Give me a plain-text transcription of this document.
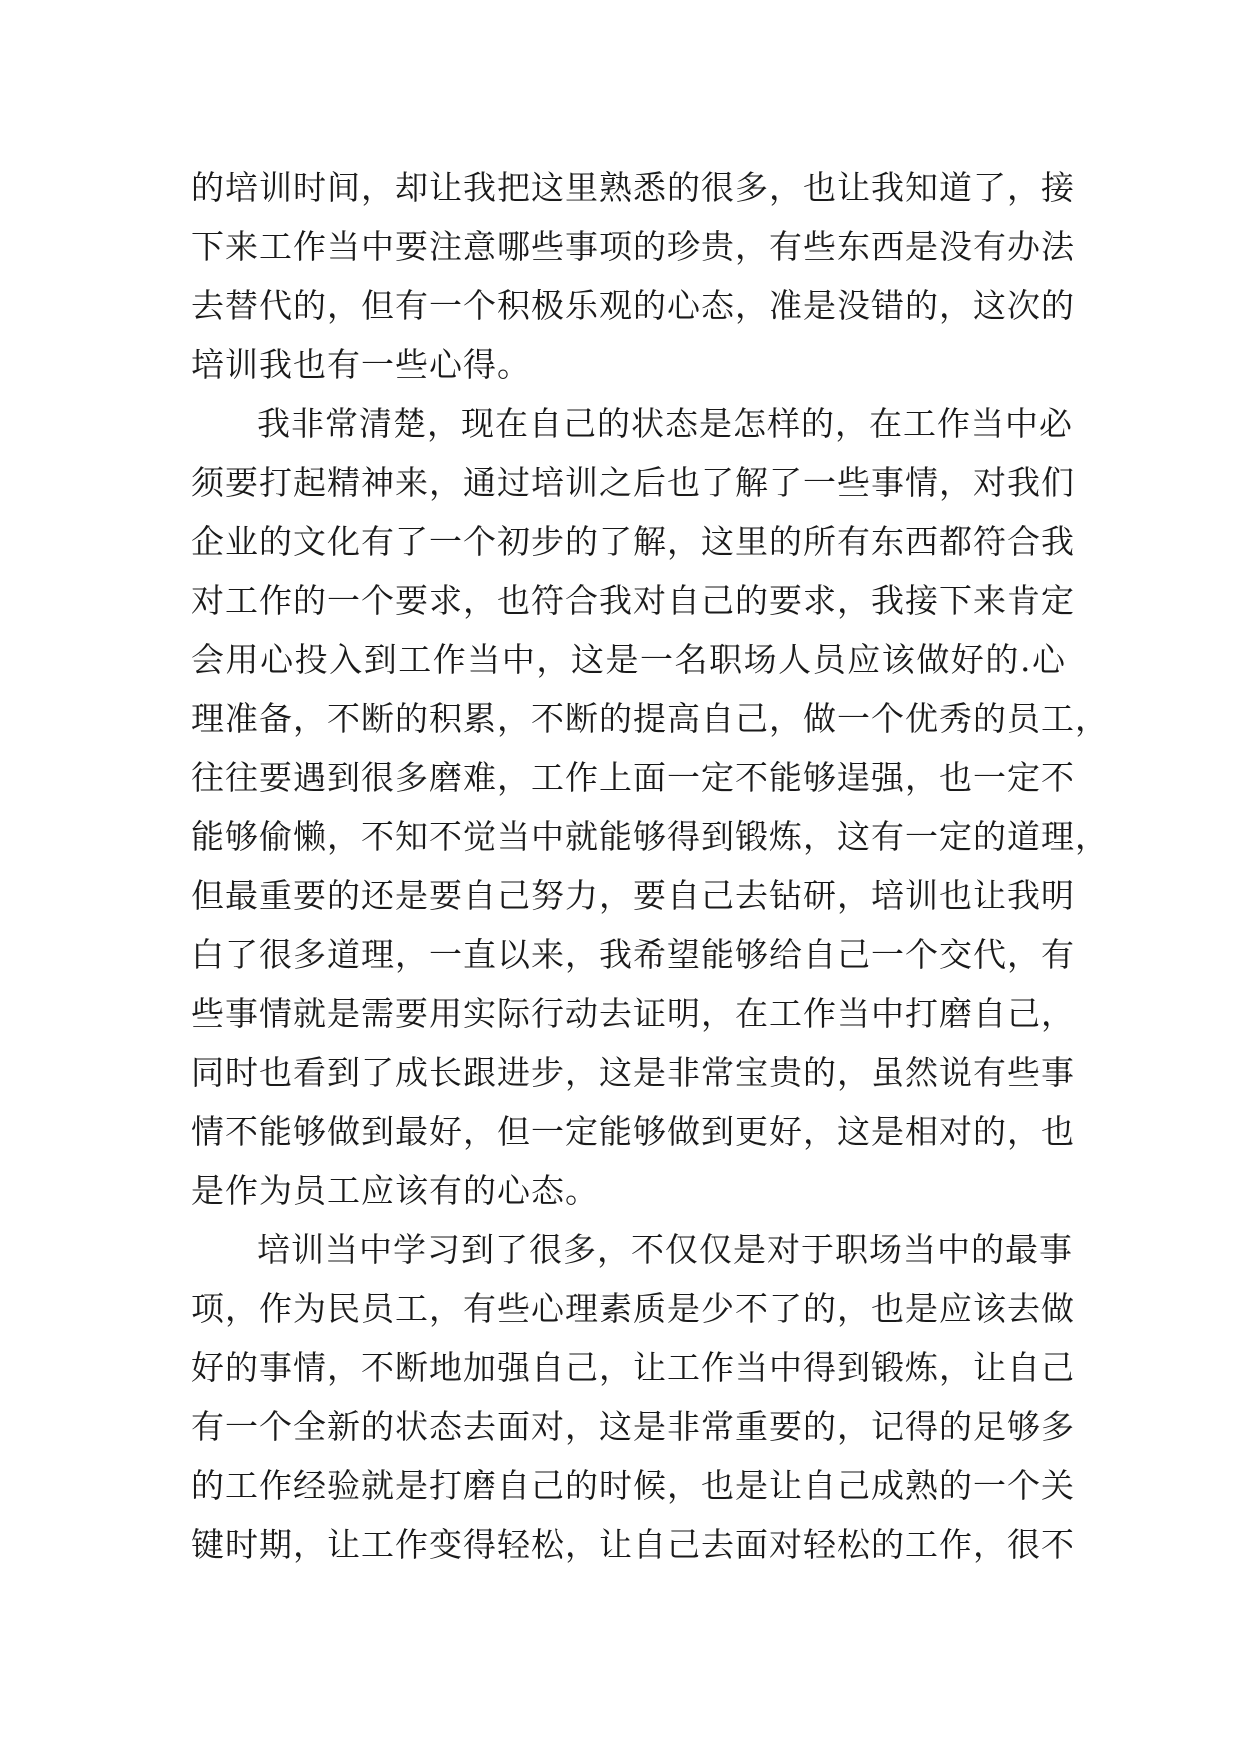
的培训时间，却让我把这里熟悉的很多，也让我知道了，接
下来工作当中要注意哪些事项的珍贵，有些东西是没有办法
去替代的，但有一个积极乐观的心态，准是没错的，这次的
培训我也有一些心得。
我非常清楚，现在自己的状态是怎样的，在工作当中必
须要打起精神来，通过培训之后也了解了一些事情，对我们
企业的文化有了一个初步的了解，这里的所有东西都符合我
对工作的一个要求，也符合我对自己的要求，我接下来肯定
会用心投入到工作当中，这是一名职场人员应该做好的.心
理准备，不断的积累，不断的提高自己，做一个优秀的员工，
往往要遇到很多磨难，工作上面一定不能够逞强，也一定不
能够偷懒，不知不觉当中就能够得到锻炼，这有一定的道理，
但最重要的还是要自己努力，要自己去钻研，培训也让我明
白了很多道理，一直以来，我希望能够给自己一个交代，有
些事情就是需要用实际行动去证明，在工作当中打磨自己，
同时也看到了成长跟进步，这是非常宝贵的，虽然说有些事
情不能够做到最好，但一定能够做到更好，这是相对的，也
是作为员工应该有的心态。
培训当中学习到了很多，不仅仅是对于职场当中的最事
项，作为民员工，有些心理素质是少不了的，也是应该去做
好的事情，不断地加强自己，让工作当中得到锻炼，让自己
有一个全新的状态去面对，这是非常重要的，记得的足够多
的工作经验就是打磨自己的时候，也是让自己成熟的一个关
键时期，让工作变得轻松，让自己去面对轻松的工作，很不
